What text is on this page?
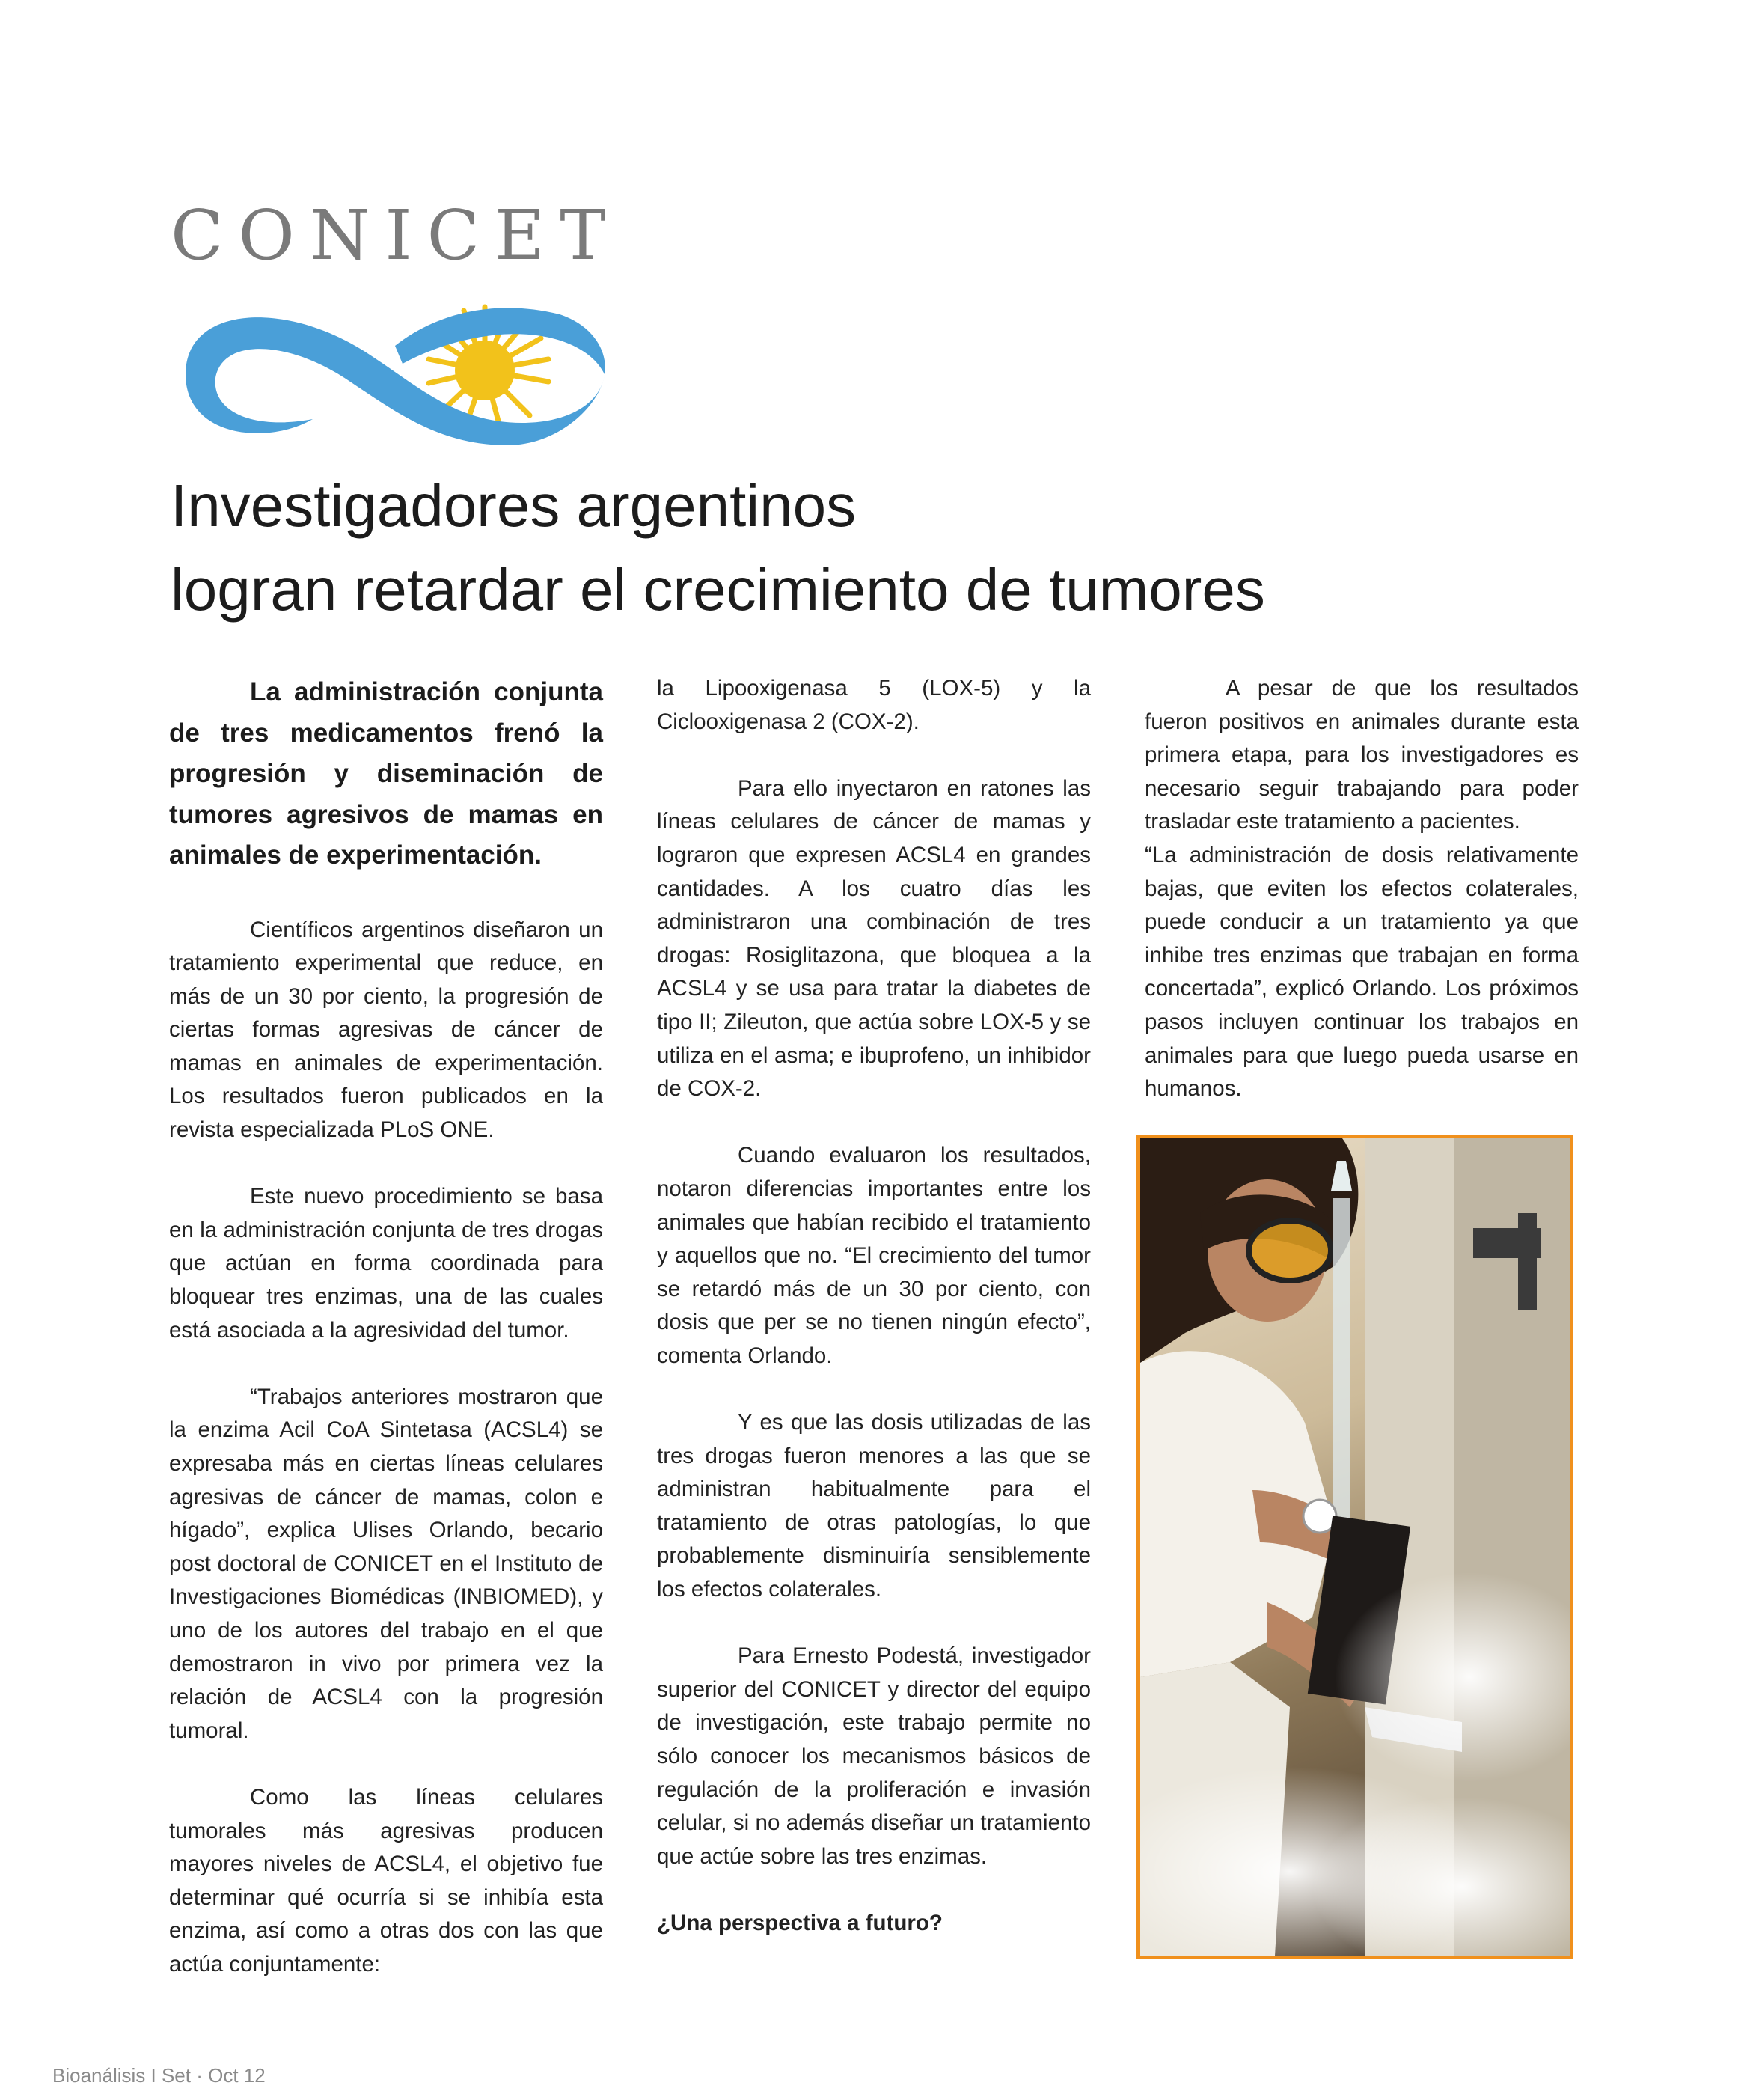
CONICET
Investigadores argentinos
logran retardar el crecimiento de tumores

La administración conjunta de tres medicamentos frenó la progresión y diseminación de tumores agresivos de mamas en animales de experimentación.

Científicos argentinos diseñaron un tratamiento experimental que reduce, en más de un 30 por ciento, la progresión de ciertas formas agresivas de cáncer de mamas en animales de experimentación. Los resultados fueron publicados en la revista especializada PLoS ONE.

Este nuevo procedimiento se basa en la administración conjunta de tres drogas que actúan en forma coordinada para bloquear tres enzimas, una de las cuales está asociada a la agresividad del tumor.

“Trabajos anteriores mostraron que la enzima Acil CoA Sintetasa (ACSL4) se expresaba más en ciertas líneas celulares agresivas de cáncer de mamas, colon e hígado”, explica Ulises Orlando, becario post doctoral de CONICET en el Instituto de Investigaciones Biomédicas (INBIOMED), y uno de los autores del trabajo en el que demostraron in vivo por primera vez la relación de ACSL4 con la progresión tumoral.

Como las líneas celulares tumorales más agresivas producen mayores niveles de ACSL4, el objetivo fue determinar qué ocurría si se inhibía esta enzima, así como a otras dos con las que actúa conjuntamente:

la Lipooxigenasa 5 (LOX-5) y la Ciclooxigenasa 2 (COX-2).

Para ello inyectaron en ratones las líneas celulares de cáncer de mamas y lograron que expresen ACSL4 en grandes cantidades. A los cuatro días les administraron una combinación de tres drogas: Rosiglitazona, que bloquea a la ACSL4 y se usa para tratar la diabetes de tipo II; Zileuton, que actúa sobre LOX-5 y se utiliza en el asma; e ibuprofeno, un inhibidor de COX-2.

Cuando evaluaron los resultados, notaron diferencias importantes entre los animales que habían recibido el tratamiento y aquellos que no. “El crecimiento del tumor se retardó más de un 30 por ciento, con dosis que per se no tienen ningún efecto”, comenta Orlando.

Y es que las dosis utilizadas de las tres drogas fueron menores a las que se administran habitualmente para el tratamiento de otras patologías, lo que probablemente disminuiría sensiblemente los efectos colaterales.

Para Ernesto Podestá, investigador superior del CONICET y director del equipo de investigación, este trabajo permite no sólo conocer los mecanismos básicos de regulación de la proliferación e invasión celular, si no además diseñar un tratamiento que actúe sobre las tres enzimas.

¿Una perspectiva a futuro?

A pesar de que los resultados fueron positivos en animales durante esta primera etapa, para los investigadores es necesario seguir trabajando para poder trasladar este tratamiento a pacientes.

“La administración de dosis relativamente bajas, que eviten los efectos colaterales, puede conducir a un tratamiento ya que inhibe tres enzimas que trabajan en forma concertada”, explicó Orlando. Los próximos pasos incluyen continuar los trabajos en animales para que luego pueda usarse en humanos.

Bioanálisis I Set · Oct 12
